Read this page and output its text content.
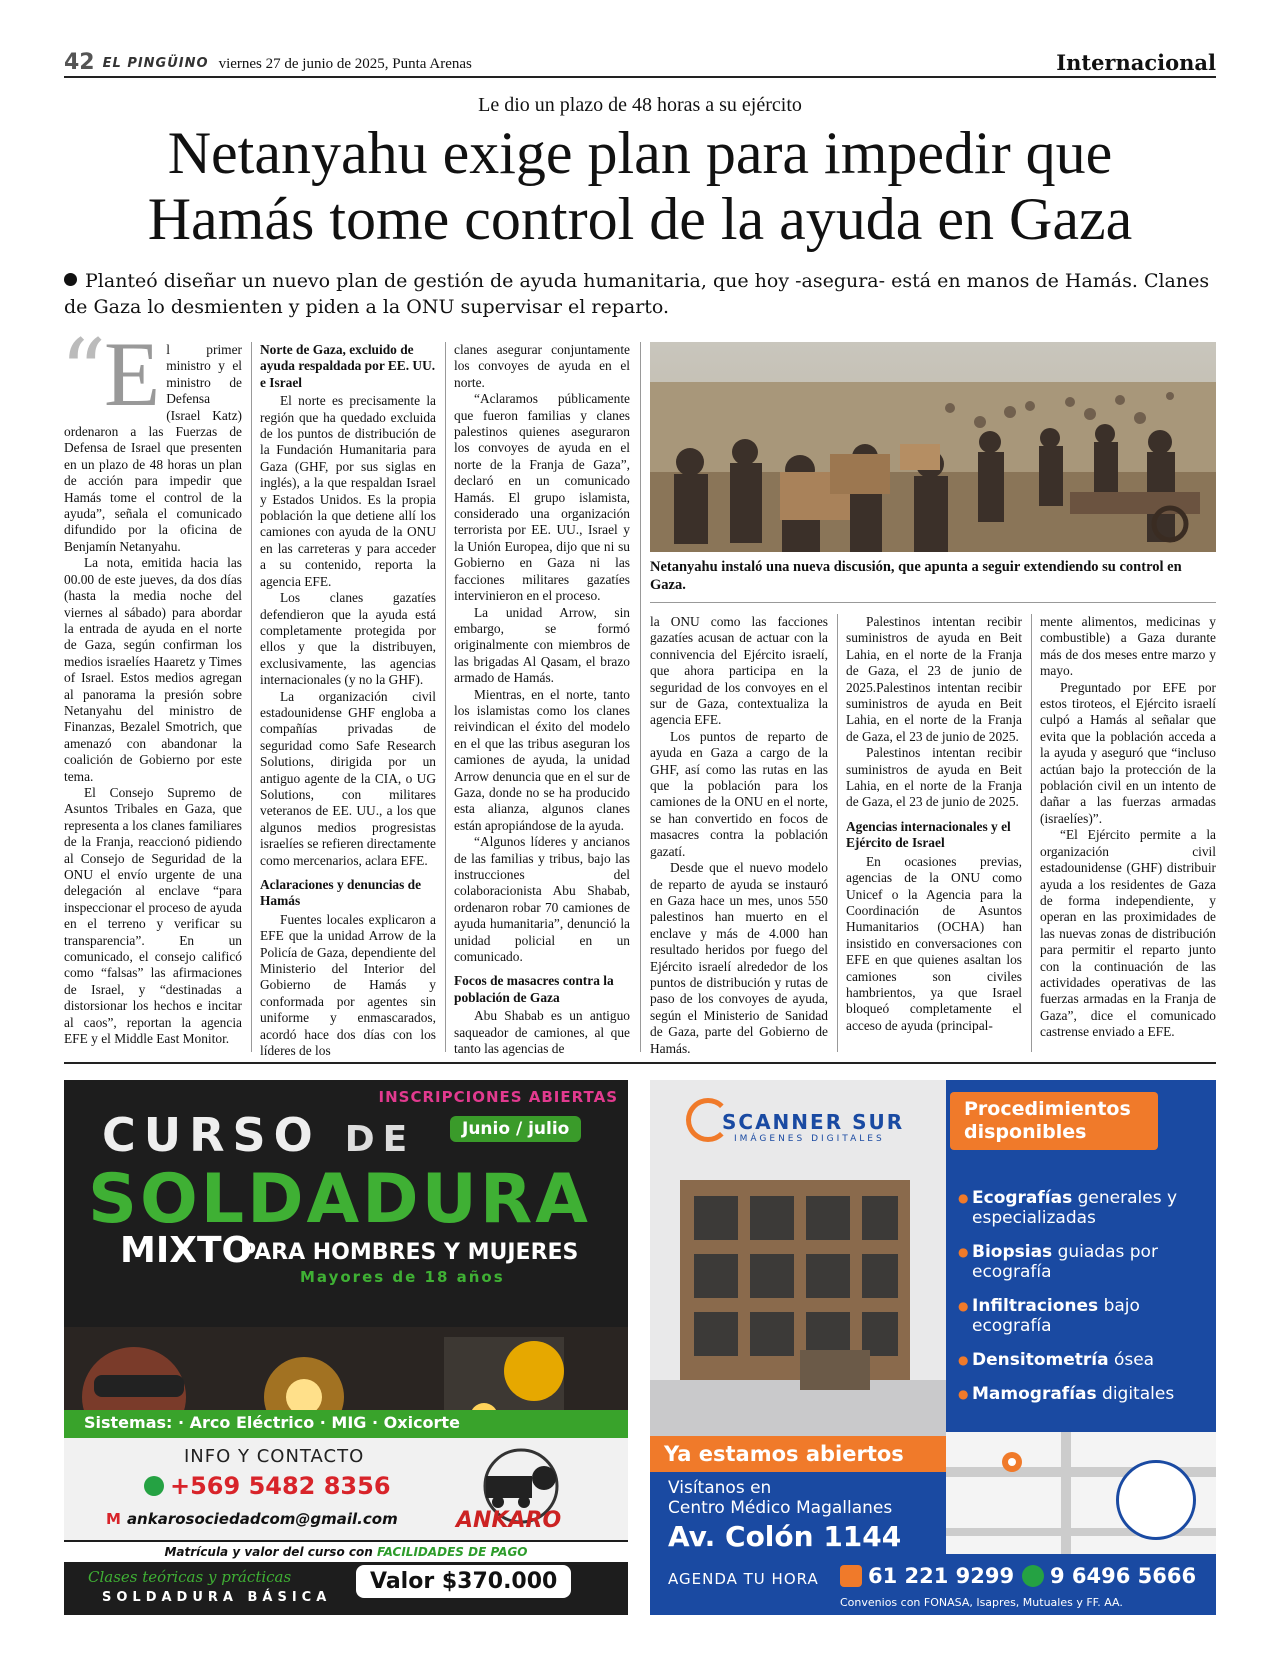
42 EL PINGÜINO viernes 27 de junio de 2025, Punta Arenas	Internacional
Le dio un plazo de 48 horas a su ejército
Netanyahu exige plan para impedir que
Hamás tome control de la ayuda en Gaza
Planteó diseñar un nuevo plan de gestión de ayuda humanitaria, que hoy -asegura- está en manos de Hamás. Clanes de Gaza lo desmienten y piden a la ONU supervisar el reparto.
“
E l primer ministro y el ministro de Defensa (Israel Katz) ordenaron a las Fuerzas de Defensa de Israel que presenten en un plazo de 48 horas un plan de acción para impedir que Hamás tome el control de la ayuda”, señala el comunicado difundido por la oficina de Benjamín Netanyahu.

La nota, emitida hacia las 00.00 de este jueves, da dos días (hasta la media noche del viernes al sábado) para abordar la entrada de ayuda en el norte de Gaza, según confirman los medios israelíes Haaretz y Times of Israel. Estos medios agregan al panorama la presión sobre Netanyahu del ministro de Finanzas, Bezalel Smotrich, que amenazó con abandonar la coalición de Gobierno por este tema.

El Consejo Supremo de Asuntos Tribales en Gaza, que representa a los clanes familiares de la Franja, reaccionó pidiendo al Consejo de Seguridad de la ONU el envío urgente de una delegación al enclave “para inspeccionar el proceso de ayuda en el terreno y verificar su transparencia”. En un comunicado, el consejo calificó como “falsas” las afirmaciones de Israel, y “destinadas a distorsionar los hechos e incitar al caos”, reportan la agencia EFE y el Middle East Monitor.

Norte de Gaza, excluido de ayuda respaldada por EE. UU. e Israel

El norte es precisamente la región que ha quedado excluida de los puntos de distribución de la Fundación Humanitaria para Gaza (GHF, por sus siglas en inglés), a la que respaldan Israel y Estados Unidos. Es la propia población la que detiene allí los camiones con ayuda de la ONU en las carreteras y para acceder a su contenido, reporta la agencia EFE.

Los clanes gazatíes defendieron que la ayuda está completamente protegida por ellos y que la distribuyen, exclusivamente, las agencias internacionales (y no la GHF).

La organización civil estadounidense GHF engloba a compañías privadas de seguridad como Safe Research Solutions, dirigida por un antiguo agente de la CIA, o UG Solutions, con militares veteranos de EE. UU., a los que algunos medios progresistas israelíes se refieren directamente como mercenarios, aclara EFE.

Aclaraciones y denuncias de Hamás

Fuentes locales explicaron a EFE que la unidad Arrow de la Policía de Gaza, dependiente del Ministerio del Interior del Gobierno de Hamás y conformada por agentes sin uniforme y enmascarados, acordó hace dos días con los líderes de los

clanes asegurar conjuntamente los convoyes de ayuda en el norte.

“Aclaramos públicamente que fueron familias y clanes palestinos quienes aseguraron los convoyes de ayuda en el norte de la Franja de Gaza”, declaró en un comunicado Hamás. El grupo islamista, considerado una organización terrorista por EE. UU., Israel y la Unión Europea, dijo que ni su Gobierno en Gaza ni las facciones militares gazatíes intervinieron en el proceso.

La unidad Arrow, sin embargo, se formó originalmente con miembros de las brigadas Al Qasam, el brazo armado de Hamás.

Mientras, en el norte, tanto los islamistas como los clanes reivindican el éxito del modelo en el que las tribus aseguran los camiones de ayuda, la unidad Arrow denuncia que en el sur de Gaza, donde no se ha producido esta alianza, algunos clanes están apropiándose de la ayuda.

“Algunos líderes y ancianos de las familias y tribus, bajo las instrucciones del colaboracionista Abu Shabab, ordenaron robar 70 camiones de ayuda humanitaria”, denunció la unidad policial en un comunicado.

Focos de masacres contra la población de Gaza

Abu Shabab es un antiguo saqueador de camiones, al que tanto las agencias de

Netanyahu instaló una nueva discusión, que apunta a seguir extendiendo su control en Gaza.

la ONU como las facciones gazatíes acusan de actuar con la connivencia del Ejército israelí, que ahora participa en la seguridad de los convoyes en el sur de Gaza, contextualiza la agencia EFE.

Los puntos de reparto de ayuda en Gaza a cargo de la GHF, así como las rutas en las que la población para los camiones de la ONU en el norte, se han convertido en focos de masacres contra la población gazatí.

Desde que el nuevo modelo de reparto de ayuda se instauró en Gaza hace un mes, unos 550 palestinos han muerto en el enclave y más de 4.000 han resultado heridos por fuego del Ejército israelí alrededor de los puntos de distribución y rutas de paso de los convoyes de ayuda, según el Ministerio de Sanidad de Gaza, parte del Gobierno de Hamás.

Palestinos intentan recibir suministros de ayuda en Beit Lahia, en el norte de la Franja de Gaza, el 23 de junio de 2025.Palestinos intentan recibir suministros de ayuda en Beit Lahia, en el norte de la Franja de Gaza, el 23 de junio de 2025.

Palestinos intentan recibir suministros de ayuda en Beit Lahia, en el norte de la Franja de Gaza, el 23 de junio de 2025.

Agencias internacionales y el Ejército de Israel

En ocasiones previas, agencias de la ONU como Unicef o la Agencia para la Coordinación de Asuntos Humanitarios (OCHA) han insistido en conversaciones con EFE en que quienes asaltan los camiones son civiles hambrientos, ya que Israel bloqueó completamente el acceso de ayuda (principal-

mente alimentos, medicinas y combustible) a Gaza durante más de dos meses entre marzo y mayo.

Preguntado por EFE por estos tiroteos, el Ejército israelí culpó a Hamás al señalar que evita que la población acceda a la ayuda y aseguró que “incluso actúan bajo la protección de la población civil en un intento de dañar a las fuerzas armadas (israelíes)”.

“El Ejército permite a la organización civil estadounidense (GHF) distribuir ayuda a los residentes de Gaza de forma independiente, y operan en las proximidades de las nuevas zonas de distribución para permitir el reparto junto con la continuación de las actividades operativas de las fuerzas armadas en la Franja de Gaza”, dice el comunicado castrense enviado a EFE.

INSCRIPCIONES ABIERTAS
CURSO DE	Junio / julio
SOLDADURA
MIXTO
PARA HOMBRES Y MUJERES
Mayores de 18 años
Sistemas: · Arco Eléctrico · MIG · Oxicorte
INFO Y CONTACTO
+569 5482 8356
M ankarosociedadcom@gmail.com	ANKARO
Matrícula y valor del curso con FACILIDADES DE PAGO
Clases teóricas y prácticas
SOLDADURA BÁSICA
Valor $370.000
SCANNER SUR
IMÁGENES DIGITALES
Procedimientos disponibles
● Ecografías generales y especializadas
● Biopsias guiadas por ecografía
● Infiltraciones bajo ecografía
● Densitometría ósea
● Mamografías digitales
Ya estamos abiertos
Visítanos en
Centro Médico Magallanes
Av. Colón 1144
AGENDA TU HORA	61 221 9299	9 6496 5666
Convenios con FONASA, Isapres, Mutuales y FF. AA.
